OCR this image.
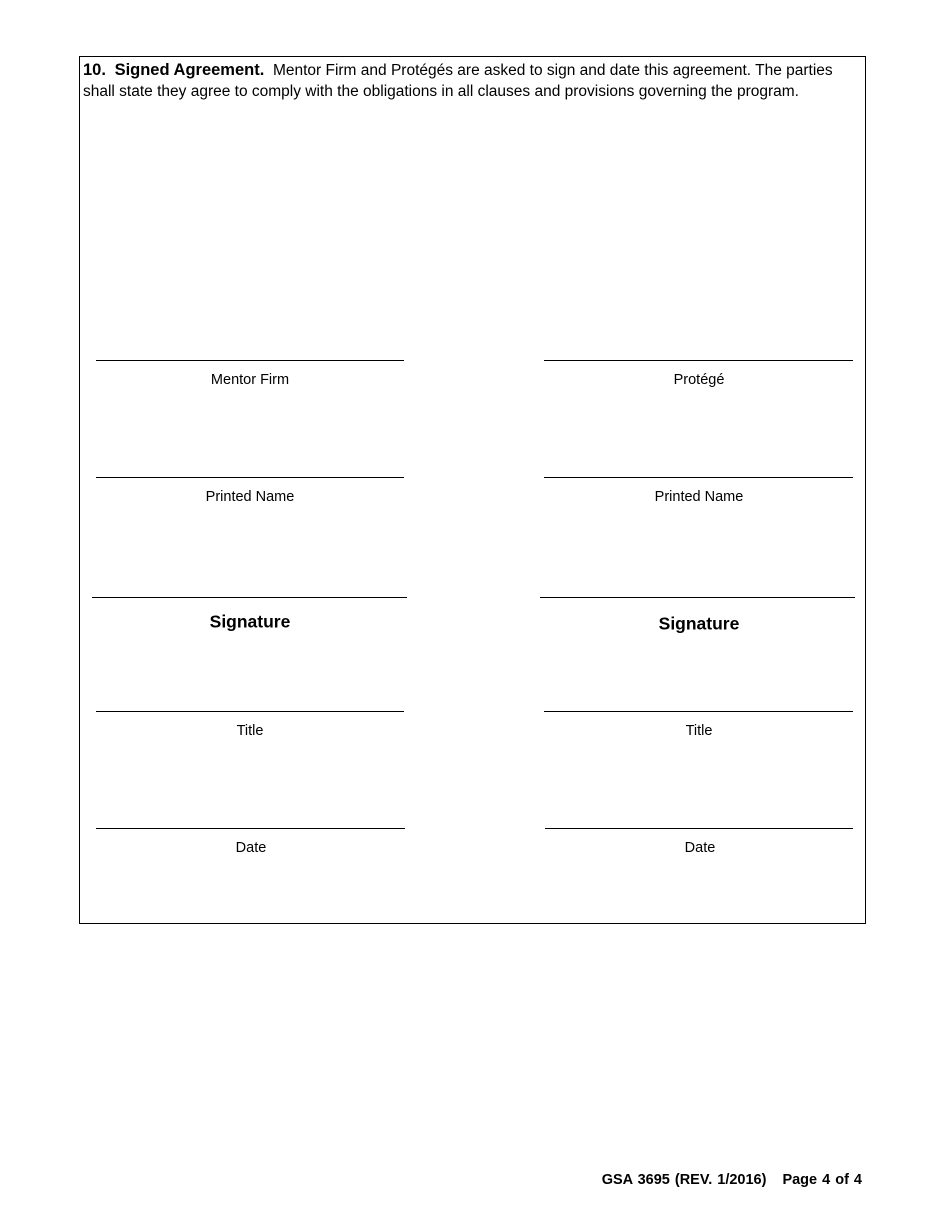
10. Signed Agreement. Mentor Firm and Protégés are asked to sign and date this agreement. The parties shall state they agree to comply with the obligations in all clauses and provisions governing the program.
Mentor Firm
Printed Name
Signature
Title
Date
Protégé
Printed Name
Signature
Title
Date
GSA 3695 (REV. 1/2016) Page 4 of 4
